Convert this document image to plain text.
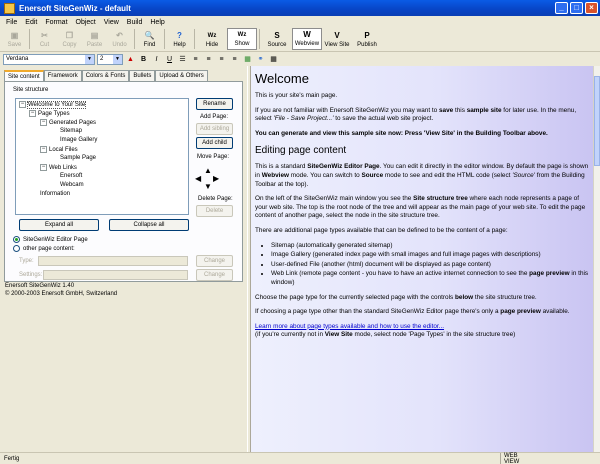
Enersoft SiteGenWiz - default	_	□	×
File	Edit	Format	Object	View	Build	Help
▣
Save
✂
Cut
❐
Copy
▤
Paste
↶
Undo
🔍
Find
?
Help
Wz
Hide
Wz
Show
S
Source
W
Webview
V
View Site
P
Publish
Verdana	▼	2	▼ ▲	B	I	U	☰	≡	≡	≡	≡	▦ ⚭ ▦
Site content	Framework	Colors & Fonts	Bullets	Upload & Others
Site structure
− Welcome to Your Site
− Page Types
− Generated Pages
Sitemap
Image Gallery
− Local Files
Sample Page
− Web Links
Enersoft
Webcam
Information
Rename
Add Page:
Add sibling
Add child
Move Page:
▲
◀ ▶
▼
Delete Page:
Delete
Expand all	Collapse all
SiteGenWiz Editor Page
other page content:
Type:	Change
Settings:	Change
Enersoft SiteGenWiz 1.40
© 2000-2003 Enersoft GmbH, Switzerland
Welcome

This is your site's main page.

If you are not familiar with Enersoft SiteGenWiz you may want to save this sample site for later use. In the menu, select 'File - Save Project...' to save the actual web site project.

You can generate and view this sample site now: Press 'View Site' in the Building Toolbar above.

Editing page content

This is a standard SiteGenWiz Editor Page. You can edit it directly in the editor window. By default the page is shown in Webview mode. You can switch to Source mode to see and edit the HTML code (select 'Source' from the Building Toolbar at the top).

On the left of the SiteGenWiz main window you see the Site structure tree where each node represents a page of your web site. The top is the root node of the tree and will appear as the main page of your web site. To edit the page content of another page, select the node in the site structure tree.

There are additional page types available that can be defined to be the content of a page:

• Sitemap (automatically generated sitemap)
• Image Gallery (generated index page with small images and full image pages with descriptions)
• User-defined File (another (html) document will be displayed as page content)
• Web Link (remote page content - you have to have an active internet connection to see the page preview in this window)

Choose the page type for the currently selected page with the controls below the site structure tree.

If choosing a page type other than the standard SiteGenWiz Editor page there's only a page preview available.

Learn more about page types available and how to use the editor...

(if you're currently not in View Site mode, select node 'Page Types' in the site structure tree)

Fertig	WEB VIEW
